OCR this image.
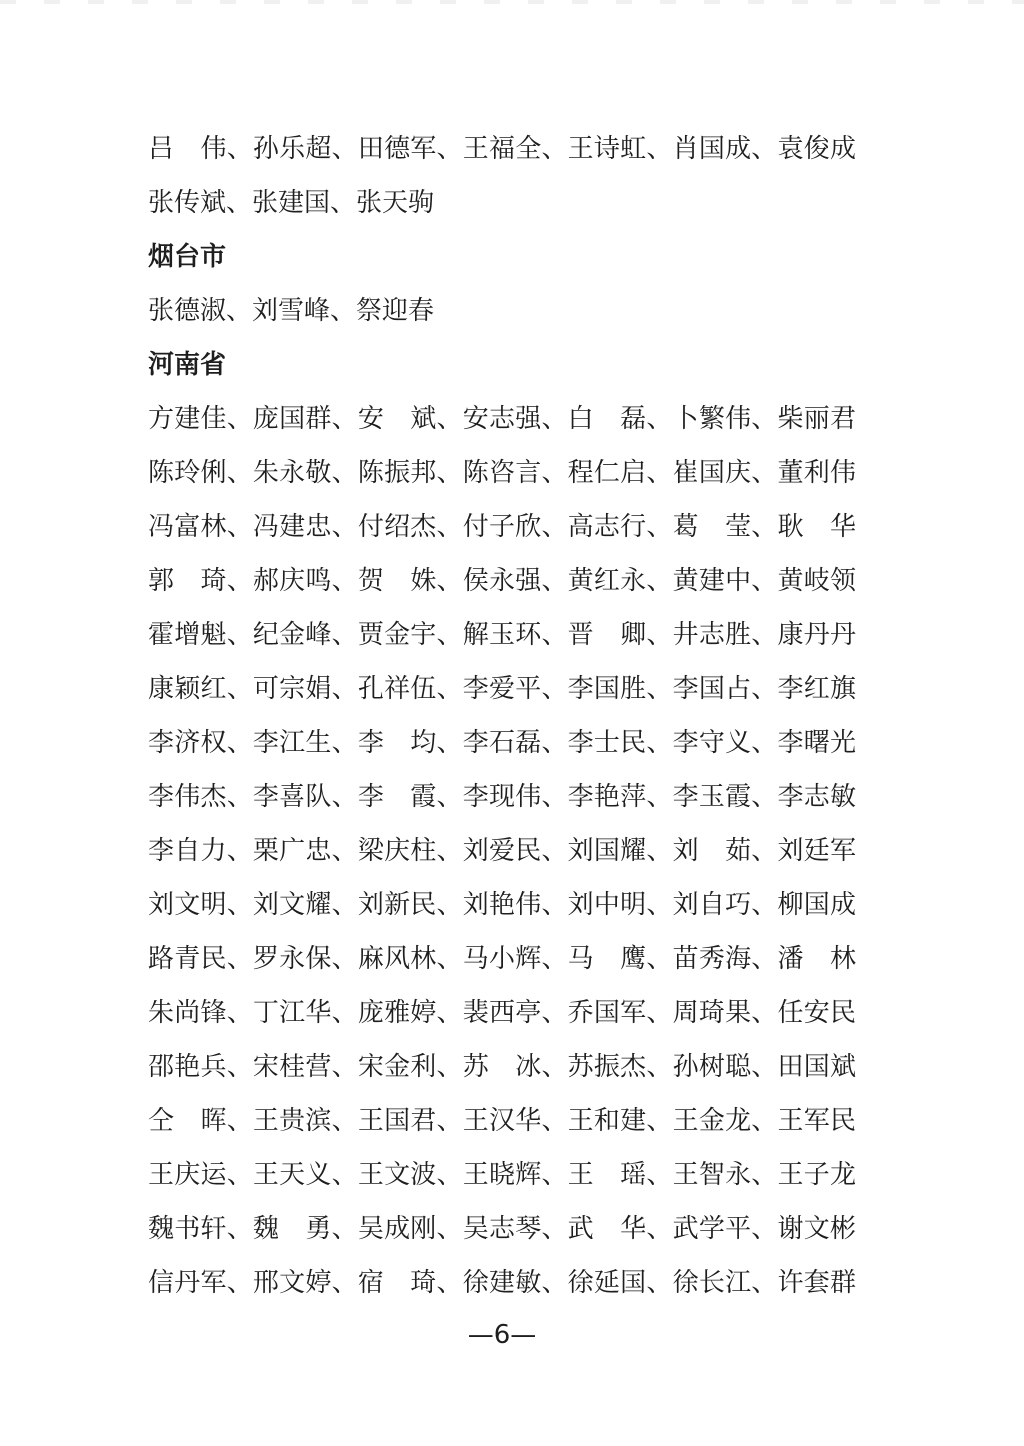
吕　伟、孙乐超、田德军、王福全、王诗虹、肖国成、袁俊成
张传斌、张建国、张天驹
烟台市
张德淑、刘雪峰、祭迎春
河南省
方建佳、庞国群、安　斌、安志强、白　磊、卜繁伟、柴丽君
陈玲俐、朱永敬、陈振邦、陈咨言、程仁启、崔国庆、董利伟
冯富林、冯建忠、付绍杰、付子欣、高志行、葛　莹、耿　华
郭　琦、郝庆鸣、贺　姝、侯永强、黄红永、黄建中、黄岐领
霍增魁、纪金峰、贾金宇、解玉环、晋　卿、井志胜、康丹丹
康颖红、可宗娟、孔祥伍、李爱平、李国胜、李国占、李红旗
李济权、李江生、李　均、李石磊、李士民、李守义、李曙光
李伟杰、李喜队、李　霞、李现伟、李艳萍、李玉霞、李志敏
李自力、栗广忠、梁庆柱、刘爱民、刘国耀、刘　茹、刘廷军
刘文明、刘文耀、刘新民、刘艳伟、刘中明、刘自巧、柳国成
路青民、罗永保、麻风林、马小辉、马　鹰、苗秀海、潘　林
朱尚锋、丁江华、庞雅婷、裴西亭、乔国军、周琦果、任安民
邵艳兵、宋桂营、宋金利、苏　冰、苏振杰、孙树聪、田国斌
仝　晖、王贵滨、王国君、王汉华、王和建、王金龙、王军民
王庆运、王天义、王文波、王晓辉、王　瑶、王智永、王子龙
魏书轩、魏　勇、吴成刚、吴志琴、武　华、武学平、谢文彬
信丹军、邢文婷、宿　琦、徐建敏、徐延国、徐长江、许套群
—6—
